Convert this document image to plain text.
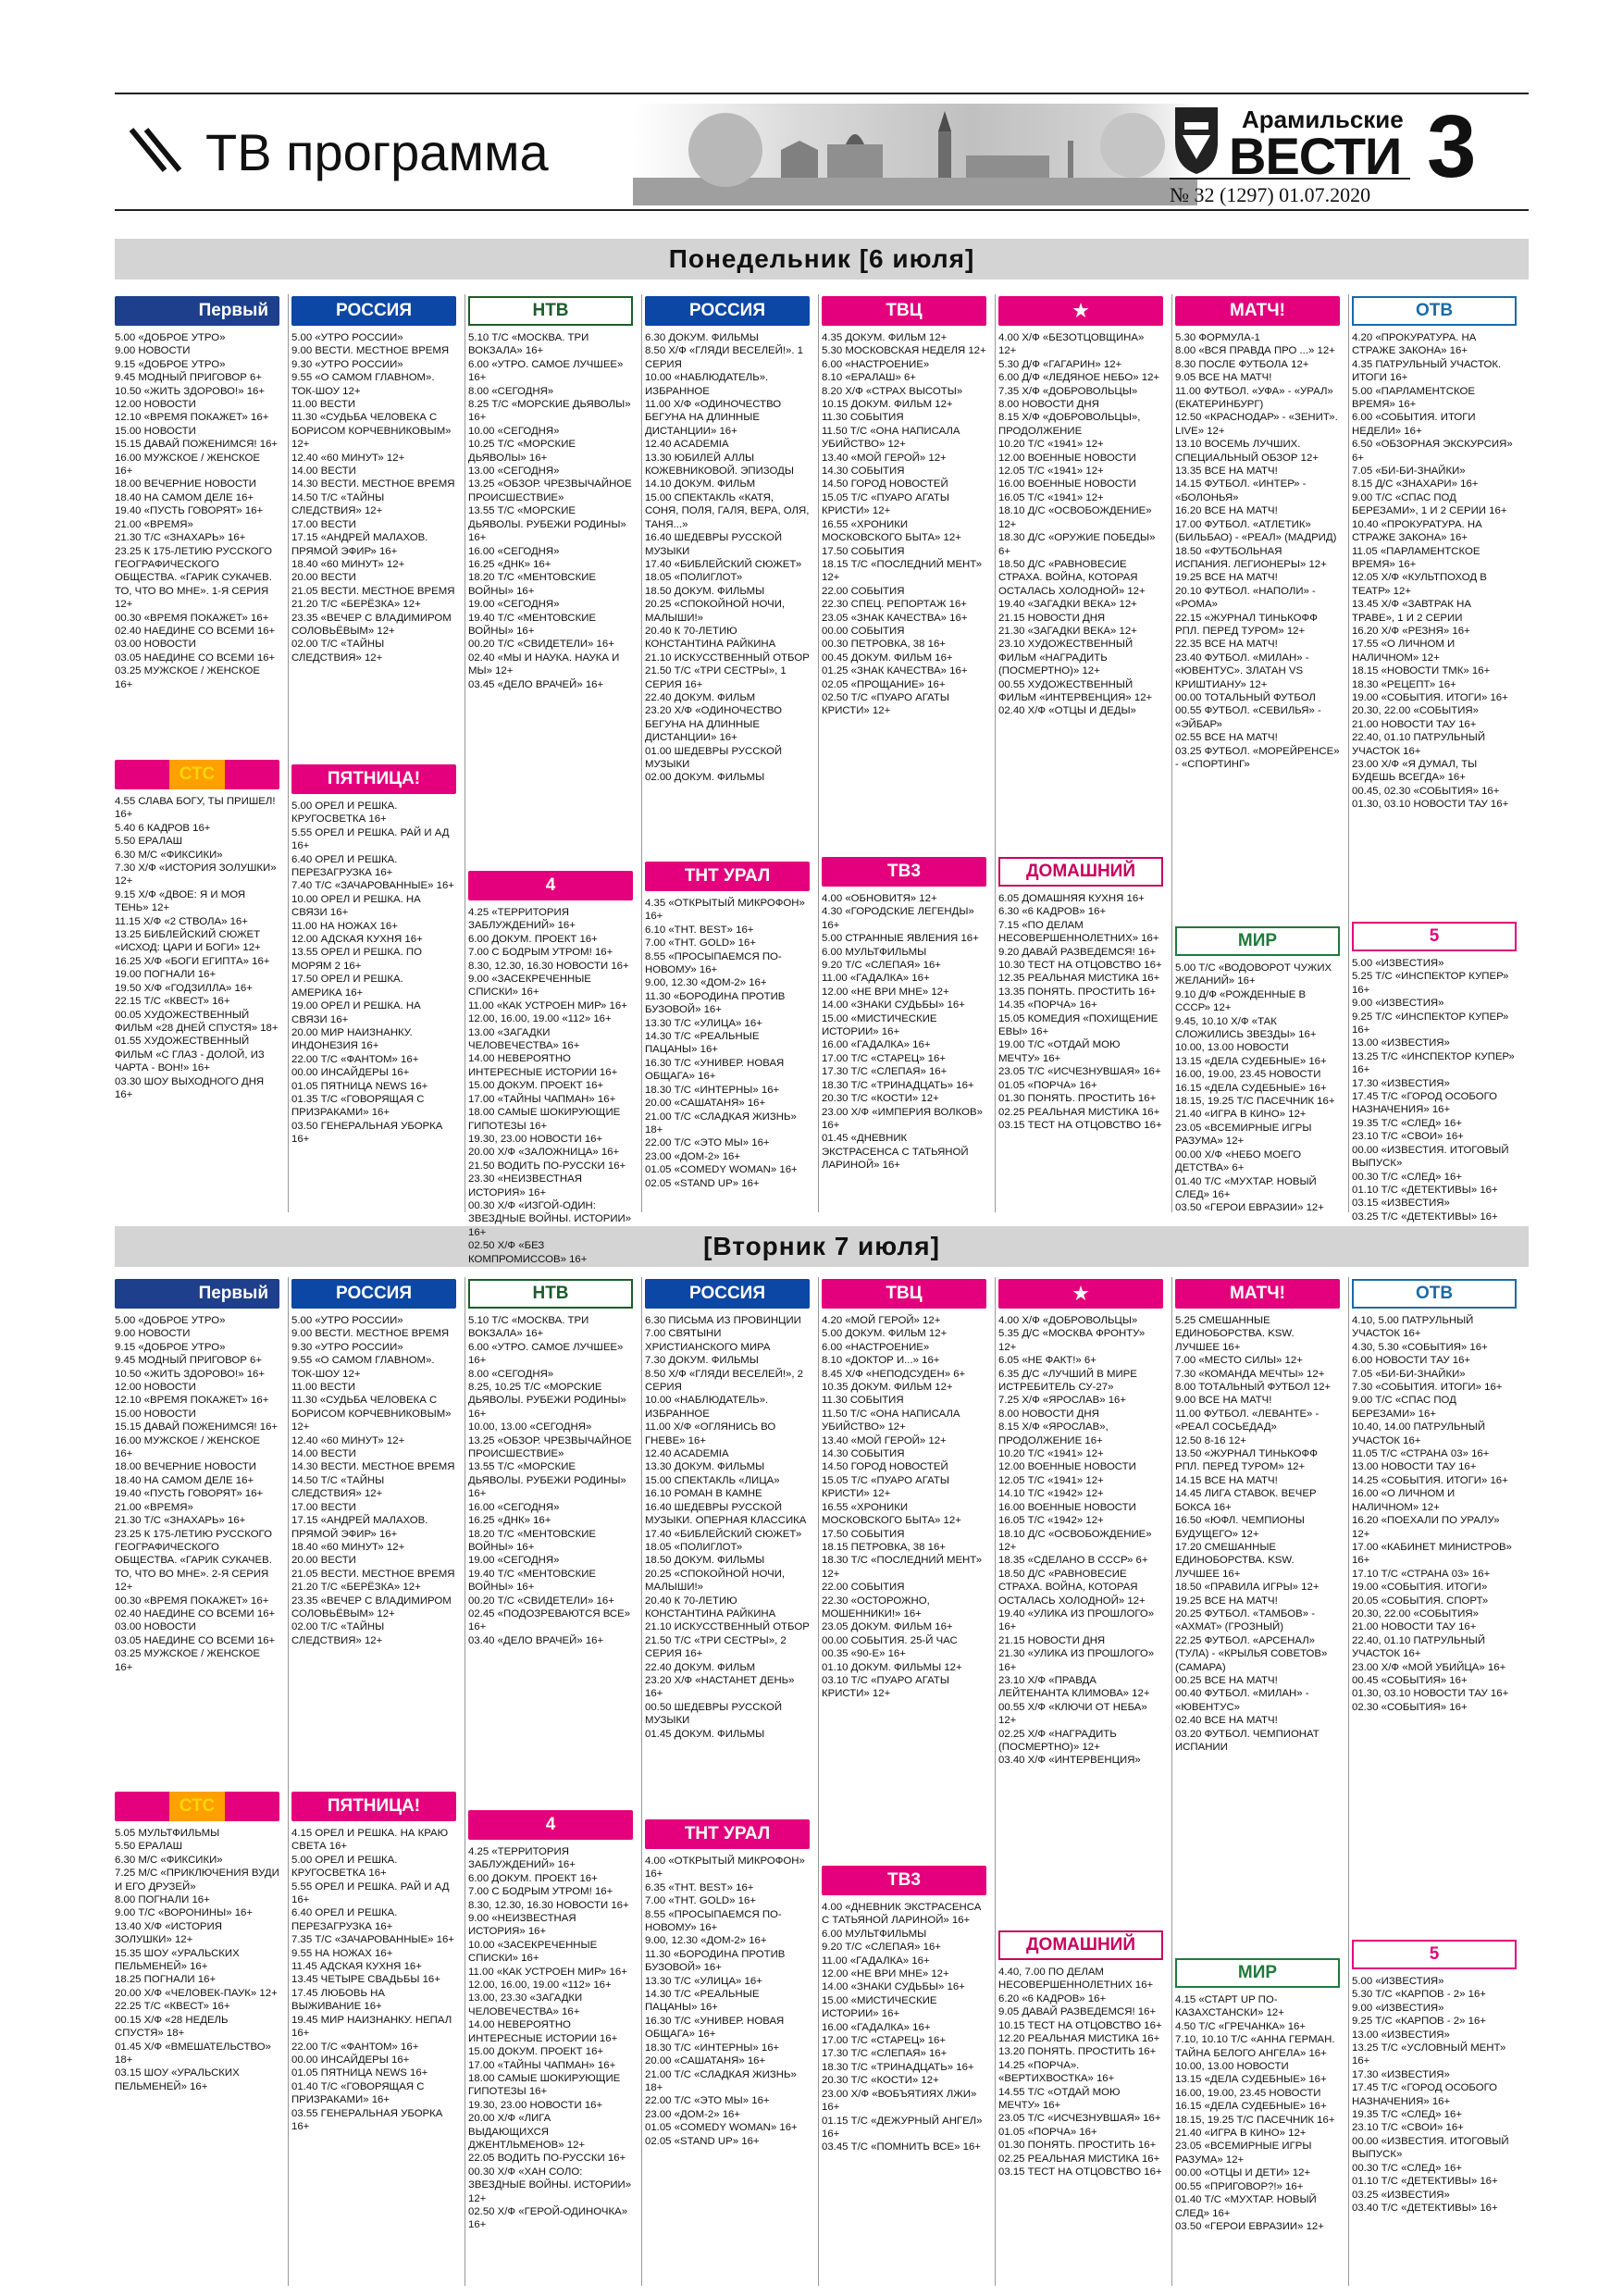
ТВ программа
Арамильские
ВЕСТИ
№ 32 (1297) 01.07.2020 3
Понедельник [6 июля]
[Вторник 7 июля]
Первый
5.00 «ДОБРОЕ УТРО»
9.00 НОВОСТИ
9.15 «ДОБРОЕ УТРО»
9.45 МОДНЫЙ ПРИГОВОР 6+
10.50 «ЖИТЬ ЗДОРОВО!» 16+
12.00 НОВОСТИ
12.10 «ВРЕМЯ ПОКАЖЕТ» 16+
15.00 НОВОСТИ
15.15 ДАВАЙ ПОЖЕНИМСЯ! 16+
16.00 МУЖСКОЕ / ЖЕНСКОЕ 16+
18.00 ВЕЧЕРНИЕ НОВОСТИ
18.40 НА САМОМ ДЕЛЕ 16+
19.40 «ПУСТЬ ГОВОРЯТ» 16+
21.00 «ВРЕМЯ»
21.30 Т/С «ЗНАХАРЬ» 16+
23.25 К 175-ЛЕТИЮ РУССКОГО ГЕОГРАФИЧЕСКОГО ОБЩЕСТВА. «ГАРИК СУКАЧЕВ. ТО, ЧТО ВО МНЕ». 1-Я СЕРИЯ 12+
00.30 «ВРЕМЯ ПОКАЖЕТ» 16+
02.40 НАЕДИНЕ СО ВСЕМИ 16+
03.00 НОВОСТИ
03.05 НАЕДИНЕ СО ВСЕМИ 16+
03.25 МУЖСКОЕ / ЖЕНСКОЕ 16+
СТС
4.55 СЛАВА БОГУ, ТЫ ПРИШЕЛ! 16+
5.40 6 КАДРОВ 16+
5.50 ЕРАЛАШ
6.30 М/С «ФИКСИКИ»
7.30 Х/Ф «ИСТОРИЯ ЗОЛУШКИ» 12+
9.15 Х/Ф «ДВОЕ: Я И МОЯ ТЕНЬ» 12+
11.15 Х/Ф «2 СТВОЛА» 16+
13.25 БИБЛЕЙСКИЙ СЮЖЕТ «ИСХОД: ЦАРИ И БОГИ» 12+
16.25 Х/Ф «БОГИ ЕГИПТА» 16+
19.00 ПОГНАЛИ 16+
19.50 Х/Ф «ГОДЗИЛЛА» 16+
22.15 Т/С «КВЕСТ» 16+
00.05 ХУДОЖЕСТВЕННЫЙ ФИЛЬМ «28 ДНЕЙ СПУСТЯ» 18+
01.55 ХУДОЖЕСТВЕННЫЙ ФИЛЬМ «С ГЛАЗ - ДОЛОЙ, ИЗ ЧАРТА - ВОН!» 16+
03.30 ШОУ ВЫХОДНОГО ДНЯ 16+
РОССИЯ
5.00 «УТРО РОССИИ»
9.00 ВЕСТИ. МЕСТНОЕ ВРЕМЯ
9.30 «УТРО РОССИИ»
9.55 «О САМОМ ГЛАВНОМ». ТОК-ШОУ 12+
11.00 ВЕСТИ
11.30 «СУДЬБА ЧЕЛОВЕКА С БОРИСОМ КОРЧЕВНИКОВЫМ» 12+
12.40 «60 МИНУТ» 12+
14.00 ВЕСТИ
14.30 ВЕСТИ. МЕСТНОЕ ВРЕМЯ
14.50 Т/С «ТАЙНЫ СЛЕДСТВИЯ» 12+
17.00 ВЕСТИ
17.15 «АНДРЕЙ МАЛАХОВ. ПРЯМОЙ ЭФИР» 16+
18.40 «60 МИНУТ» 12+
20.00 ВЕСТИ
21.05 ВЕСТИ. МЕСТНОЕ ВРЕМЯ
21.20 Т/С «БЕРЁЗКА» 12+
23.35 «ВЕЧЕР С ВЛАДИМИРОМ СОЛОВЬЁВЫМ» 12+
02.00 Т/С «ТАЙНЫ СЛЕДСТВИЯ» 12+
ПЯТНИЦА!
5.00 ОРЕЛ И РЕШКА. КРУГОСВЕТКА 16+
5.55 ОРЕЛ И РЕШКА. РАЙ И АД 16+
6.40 ОРЕЛ И РЕШКА. ПЕРЕЗАГРУЗКА 16+
7.40 Т/С «ЗАЧАРОВАННЫЕ» 16+
10.00 ОРЕЛ И РЕШКА. НА СВЯЗИ 16+
11.00 НА НОЖАХ 16+
12.00 АДСКАЯ КУХНЯ 16+
13.55 ОРЕЛ И РЕШКА. ПО МОРЯМ 2 16+
17.50 ОРЕЛ И РЕШКА. АМЕРИКА 16+
19.00 ОРЕЛ И РЕШКА. НА СВЯЗИ 16+
20.00 МИР НАИЗНАНКУ. ИНДОНЕЗИЯ 16+
22.00 Т/С «ФАНТОМ» 16+
00.00 ИНСАЙДЕРЫ 16+
01.05 ПЯТНИЦА NEWS 16+
01.35 Т/С «ГОВОРЯЩАЯ С ПРИЗРАКАМИ» 16+
03.50 ГЕНЕРАЛЬНАЯ УБОРКА 16+
НТВ
5.10 Т/С «МОСКВА. ТРИ ВОКЗАЛА» 16+
6.00 «УТРО. САМОЕ ЛУЧШЕЕ» 16+
8.00 «СЕГОДНЯ»
8.25 Т/С «МОРСКИЕ ДЬЯВОЛЫ» 16+
10.00 «СЕГОДНЯ»
10.25 Т/С «МОРСКИЕ ДЬЯВОЛЫ» 16+
13.00 «СЕГОДНЯ»
13.25 «ОБЗОР. ЧРЕЗВЫЧАЙНОЕ ПРОИСШЕСТВИЕ»
13.55 Т/С «МОРСКИЕ ДЬЯВОЛЫ. РУБЕЖИ РОДИНЫ» 16+
16.00 «СЕГОДНЯ»
16.25 «ДНК» 16+
18.20 Т/С «МЕНТОВСКИЕ ВОЙНЫ» 16+
19.00 «СЕГОДНЯ»
19.40 Т/С «МЕНТОВСКИЕ ВОЙНЫ» 16+
00.20 Т/С «СВИДЕТЕЛИ» 16+
02.40 «МЫ И НАУКА. НАУКА И МЫ» 12+
03.45 «ДЕЛО ВРАЧЕЙ» 16+
4
4.25 «ТЕРРИТОРИЯ ЗАБЛУЖДЕНИЙ» 16+
6.00 ДОКУМ. ПРОЕКТ 16+
7.00 С БОДРЫМ УТРОМ! 16+
8.30, 12.30, 16.30 НОВОСТИ 16+
9.00 «ЗАСЕКРЕЧЕННЫЕ СПИСКИ» 16+
11.00 «КАК УСТРОЕН МИР» 16+
12.00, 16.00, 19.00 «112» 16+
13.00 «ЗАГАДКИ ЧЕЛОВЕЧЕСТВА» 16+
14.00 НЕВЕРОЯТНО ИНТЕРЕСНЫЕ ИСТОРИИ 16+
15.00 ДОКУМ. ПРОЕКТ 16+
17.00 «ТАЙНЫ ЧАПМАН» 16+
18.00 САМЫЕ ШОКИРУЮЩИЕ ГИПОТЕЗЫ 16+
19.30, 23.00 НОВОСТИ 16+
20.00 Х/Ф «ЗАЛОЖНИЦА» 16+
21.50 ВОДИТЬ ПО-РУССКИ 16+
23.30 «НЕИЗВЕСТНАЯ ИСТОРИЯ» 16+
00.30 Х/Ф «ИЗГОЙ-ОДИН: ЗВЕЗДНЫЕ ВОЙНЫ. ИСТОРИИ» 16+
02.50 Х/Ф «БЕЗ КОМПРОМИССОВ» 16+
РОССИЯ
6.30 ДОКУМ. ФИЛЬМЫ
8.50 Х/Ф «ГЛЯДИ ВЕСЕЛЕЙ!». 1 СЕРИЯ
10.00 «НАБЛЮДАТЕЛЬ». ИЗБРАННОЕ
11.00 Х/Ф «ОДИНОЧЕСТВО БЕГУНА НА ДЛИННЫЕ ДИСТАНЦИИ» 16+
12.40 ACADEMIA
13.30 ЮБИЛЕЙ АЛЛЫ КОЖЕВНИКОВОЙ. ЭПИЗОДЫ
14.10 ДОКУМ. ФИЛЬМ
15.00 СПЕКТАКЛЬ «КАТЯ, СОНЯ, ПОЛЯ, ГАЛЯ, ВЕРА, ОЛЯ, ТАНЯ...»
16.40 ШЕДЕВРЫ РУССКОЙ МУЗЫКИ
17.40 «БИБЛЕЙСКИЙ СЮЖЕТ»
18.05 «ПОЛИГЛОТ»
18.50 ДОКУМ. ФИЛЬМЫ
20.25 «СПОКОЙНОЙ НОЧИ, МАЛЫШИ!»
20.40 К 70-ЛЕТИЮ КОНСТАНТИНА РАЙКИНА
21.10 ИСКУССТВЕННЫЙ ОТБОР
21.50 Т/С «ТРИ СЕСТРЫ», 1 СЕРИЯ 16+
22.40 ДОКУМ. ФИЛЬМ
23.20 Х/Ф «ОДИНОЧЕСТВО БЕГУНА НА ДЛИННЫЕ ДИСТАНЦИИ» 16+
01.00 ШЕДЕВРЫ РУССКОЙ МУЗЫКИ
02.00 ДОКУМ. ФИЛЬМЫ
ТНТ УРАЛ
4.35 «ОТКРЫТЫЙ МИКРОФОН» 16+
6.10 «ТНТ. BEST» 16+
7.00 «ТНТ. GOLD» 16+
8.55 «ПРОСЫПАЕМСЯ ПО-НОВОМУ» 16+
9.00, 12.30 «ДОМ-2» 16+
11.30 «БОРОДИНА ПРОТИВ БУЗОВОЙ» 16+
13.30 Т/С «УЛИЦА» 16+
14.30 Т/С «РЕАЛЬНЫЕ ПАЦАНЫ» 16+
16.30 Т/С «УНИВЕР. НОВАЯ ОБЩАГА» 16+
18.30 Т/С «ИНТЕРНЫ» 16+
20.00 «САШАТАНЯ» 16+
21.00 Т/С «СЛАДКАЯ ЖИЗНЬ» 18+
22.00 Т/С «ЭТО МЫ» 16+
23.00 «ДОМ-2» 16+
01.05 «COMEDY WOMAN» 16+
02.05 «STAND UP» 16+
ТВЦ
4.35 ДОКУМ. ФИЛЬМ 12+
5.30 МОСКОВСКАЯ НЕДЕЛЯ 12+
6.00 «НАСТРОЕНИЕ»
8.10 «ЕРАЛАШ» 6+
8.20 Х/Ф «СТРАХ ВЫСОТЫ»
10.15 ДОКУМ. ФИЛЬМ 12+
11.30 СОБЫТИЯ
11.50 Т/С «ОНА НАПИСАЛА УБИЙСТВО» 12+
13.40 «МОЙ ГЕРОЙ» 12+
14.30 СОБЫТИЯ
14.50 ГОРОД НОВОСТЕЙ
15.05 Т/С «ПУАРО АГАТЫ КРИСТИ» 12+
16.55 «ХРОНИКИ МОСКОВСКОГО БЫТА» 12+
17.50 СОБЫТИЯ
18.15 Т/С «ПОСЛЕДНИЙ МЕНТ» 12+
22.00 СОБЫТИЯ
22.30 СПЕЦ. РЕПОРТАЖ 16+
23.05 «ЗНАК КАЧЕСТВА» 16+
00.00 СОБЫТИЯ
00.30 ПЕТРОВКА, 38 16+
00.45 ДОКУМ. ФИЛЬМ 16+
01.25 «ЗНАК КАЧЕСТВА» 16+
02.05 «ПРОЩАНИЕ» 16+
02.50 Т/С «ПУАРО АГАТЫ КРИСТИ» 12+
ТВ3
4.00 «ОБНОВИТЯ» 12+
4.30 «ГОРОДСКИЕ ЛЕГЕНДЫ» 16+
5.00 СТРАННЫЕ ЯВЛЕНИЯ 16+
6.00 МУЛЬТФИЛЬМЫ
9.20 Т/С «СЛЕПАЯ» 16+
11.00 «ГАДАЛКА» 16+
12.00 «НЕ ВРИ МНЕ» 12+
14.00 «ЗНАКИ СУДЬБЫ» 16+
15.00 «МИСТИЧЕСКИЕ ИСТОРИИ» 16+
16.00 «ГАДАЛКА» 16+
17.00 Т/С «СТАРЕЦ» 16+
17.30 Т/С «СЛЕПАЯ» 16+
18.30 Т/С «ТРИНАДЦАТЬ» 16+
20.30 Т/С «КОСТИ» 12+
23.00 Х/Ф «ИМПЕРИЯ ВОЛКОВ» 16+
01.45 «ДНЕВНИК ЭКСТРАСЕНСА С ТАТЬЯНОЙ ЛАРИНОЙ» 16+
★
4.00 Х/Ф «БЕЗОТЦОВЩИНА» 12+
5.30 Д/Ф «ГАГАРИН» 12+
6.00 Д/Ф «ЛЕДЯНОЕ НЕБО» 12+
7.35 Х/Ф «ДОБРОВОЛЬЦЫ»
8.00 НОВОСТИ ДНЯ
8.15 Х/Ф «ДОБРОВОЛЬЦЫ», ПРОДОЛЖЕНИЕ
10.20 Т/С «1941» 12+
12.00 ВОЕННЫЕ НОВОСТИ
12.05 Т/С «1941» 12+
16.00 ВОЕННЫЕ НОВОСТИ
16.05 Т/С «1941» 12+
18.10 Д/С «ОСВОБОЖДЕНИЕ» 12+
18.30 Д/С «ОРУЖИЕ ПОБЕДЫ» 6+
18.50 Д/С «РАВНОВЕСИЕ СТРАХА. ВОЙНА, КОТОРАЯ ОСТАЛАСЬ ХОЛОДНОЙ» 12+
19.40 «ЗАГАДКИ ВЕКА» 12+
21.15 НОВОСТИ ДНЯ
21.30 «ЗАГАДКИ ВЕКА» 12+
23.10 ХУДОЖЕСТВЕННЫЙ ФИЛЬМ «НАГРАДИТЬ (ПОСМЕРТНО)» 12+
00.55 ХУДОЖЕСТВЕННЫЙ ФИЛЬМ «ИНТЕРВЕНЦИЯ» 12+
02.40 Х/Ф «ОТЦЫ И ДЕДЫ»
ДОМАШНИЙ
6.05 ДОМАШНЯЯ КУХНЯ 16+
6.30 «6 КАДРОВ» 16+
7.15 «ПО ДЕЛАМ НЕСОВЕРШЕННОЛЕТНИХ» 16+
9.20 ДАВАЙ РАЗВЕДЕМСЯ! 16+
10.30 ТЕСТ НА ОТЦОВСТВО 16+
12.35 РЕАЛЬНАЯ МИСТИКА 16+
13.35 ПОНЯТЬ. ПРОСТИТЬ 16+
14.35 «ПОРЧА» 16+
15.05 КОМЕДИЯ «ПОХИЩЕНИЕ ЕВЫ» 16+
19.00 Т/С «ОТДАЙ МОЮ МЕЧТУ» 16+
23.05 Т/С «ИСЧЕЗНУВШАЯ» 16+
01.05 «ПОРЧА» 16+
01.30 ПОНЯТЬ. ПРОСТИТЬ 16+
02.25 РЕАЛЬНАЯ МИСТИКА 16+
03.15 ТЕСТ НА ОТЦОВСТВО 16+
МАТЧ!
5.30 ФОРМУЛА-1
8.00 «ВСЯ ПРАВДА ПРО ...» 12+
8.30 ПОСЛЕ ФУТБОЛА 12+
9.05 ВСЕ НА МАТЧ!
11.00 ФУТБОЛ. «УФА» - «УРАЛ» (ЕКАТЕРИНБУРГ)
12.50 «КРАСНОДАР» - «ЗЕНИТ». LIVE» 12+
13.10 ВОСЕМЬ ЛУЧШИХ. СПЕЦИАЛЬНЫЙ ОБЗОР 12+
13.35 ВСЕ НА МАТЧ!
14.15 ФУТБОЛ. «ИНТЕР» - «БОЛОНЬЯ»
16.20 ВСЕ НА МАТЧ!
17.00 ФУТБОЛ. «АТЛЕТИК» (БИЛЬБАО) - «РЕАЛ» (МАДРИД)
18.50 «ФУТБОЛЬНАЯ ИСПАНИЯ. ЛЕГИОНЕРЫ» 12+
19.25 ВСЕ НА МАТЧ!
20.10 ФУТБОЛ. «НАПОЛИ» - «РОМА»
22.15 «ЖУРНАЛ ТИНЬКОФФ РПЛ. ПЕРЕД ТУРОМ» 12+
22.35 ВСЕ НА МАТЧ!
23.40 ФУТБОЛ. «МИЛАН» - «ЮВЕНТУС». ЗЛАТАН VS КРИШТИАНУ» 12+
00.00 ТОТАЛЬНЫЙ ФУТБОЛ
00.55 ФУТБОЛ. «СЕВИЛЬЯ» - «ЭЙБАР»
02.55 ВСЕ НА МАТЧ!
03.25 ФУТБОЛ. «МОРЕЙРЕНСЕ» - «СПОРТИНГ»
МИР
5.00 Т/С «ВОДОВОРОТ ЧУЖИХ ЖЕЛАНИЙ» 16+
9.10 Д/Ф «РОЖДЕННЫЕ В СССР» 12+
9.45, 10.10 Х/Ф «ТАК СЛОЖИЛИСЬ ЗВЕЗДЫ» 16+
10.00, 13.00 НОВОСТИ
13.15 «ДЕЛА СУДЕБНЫЕ» 16+
16.00, 19.00, 23.45 НОВОСТИ
16.15 «ДЕЛА СУДЕБНЫЕ» 16+
18.15, 19.25 Т/С ПАСЕЧНИК 16+
21.40 «ИГРА В КИНО» 12+
23.05 «ВСЕМИРНЫЕ ИГРЫ РАЗУМА» 12+
00.00 Х/Ф «НЕБО МОЕГО ДЕТСТВА» 6+
01.40 Т/С «МУХТАР. НОВЫЙ СЛЕД» 16+
03.50 «ГЕРОИ ЕВРАЗИИ» 12+
ОТВ
4.20 «ПРОКУРАТУРА. НА СТРАЖЕ ЗАКОНА» 16+
4.35 ПАТРУЛЬНЫЙ УЧАСТОК. ИТОГИ 16+
5.00 «ПАРЛАМЕНТСКОЕ ВРЕМЯ» 16+
6.00 «СОБЫТИЯ. ИТОГИ НЕДЕЛИ» 16+
6.50 «ОБЗОРНАЯ ЭКСКУРСИЯ» 6+
7.05 «БИ-БИ-ЗНАЙКИ»
8.15 Д/С «ЗНАХАРИ» 16+
9.00 Т/С «СПАС ПОД БЕРЕЗАМИ», 1 И 2 СЕРИИ 16+
10.40 «ПРОКУРАТУРА. НА СТРАЖЕ ЗАКОНА» 16+
11.05 «ПАРЛАМЕНТСКОЕ ВРЕМЯ» 16+
12.05 Х/Ф «КУЛЬТПОХОД В ТЕАТР» 12+
13.45 Х/Ф «ЗАВТРАК НА ТРАВЕ», 1 И 2 СЕРИИ
16.20 Х/Ф «РЕЗНЯ» 16+
17.55 «О ЛИЧНОМ И НАЛИЧНОМ» 12+
18.15 «НОВОСТИ ТМК» 16+
18.30 «РЕЦЕПТ» 16+
19.00 «СОБЫТИЯ. ИТОГИ» 16+
20.30, 22.00 «СОБЫТИЯ»
21.00 НОВОСТИ ТАУ 16+
22.40, 01.10 ПАТРУЛЬНЫЙ УЧАСТОК 16+
23.00 Х/Ф «Я ДУМАЛ, ТЫ БУДЕШЬ ВСЕГДА» 16+
00.45, 02.30 «СОБЫТИЯ» 16+
01.30, 03.10 НОВОСТИ ТАУ 16+
5
5.00 «ИЗВЕСТИЯ»
5.25 Т/С «ИНСПЕКТОР КУПЕР» 16+
9.00 «ИЗВЕСТИЯ»
9.25 Т/С «ИНСПЕКТОР КУПЕР» 16+
13.00 «ИЗВЕСТИЯ»
13.25 Т/С «ИНСПЕКТОР КУПЕР» 16+
17.30 «ИЗВЕСТИЯ»
17.45 Т/С «ГОРОД ОСОБОГО НАЗНАЧЕНИЯ» 16+
19.35 Т/С «СЛЕД» 16+
23.10 Т/С «СВОИ» 16+
00.00 «ИЗВЕСТИЯ. ИТОГОВЫЙ ВЫПУСК»
00.30 Т/С «СЛЕД» 16+
01.10 Т/С «ДЕТЕКТИВЫ» 16+
03.15 «ИЗВЕСТИЯ»
03.25 Т/С «ДЕТЕКТИВЫ» 16+
Первый
5.00 «ДОБРОЕ УТРО»
9.00 НОВОСТИ
9.15 «ДОБРОЕ УТРО»
9.45 МОДНЫЙ ПРИГОВОР 6+
10.50 «ЖИТЬ ЗДОРОВО!» 16+
12.00 НОВОСТИ
12.10 «ВРЕМЯ ПОКАЖЕТ» 16+
15.00 НОВОСТИ
15.15 ДАВАЙ ПОЖЕНИМСЯ! 16+
16.00 МУЖСКОЕ / ЖЕНСКОЕ 16+
18.00 ВЕЧЕРНИЕ НОВОСТИ
18.40 НА САМОМ ДЕЛЕ 16+
19.40 «ПУСТЬ ГОВОРЯТ» 16+
21.00 «ВРЕМЯ»
21.30 Т/С «ЗНАХАРЬ» 16+
23.25 К 175-ЛЕТИЮ РУССКОГО ГЕОГРАФИЧЕСКОГО ОБЩЕСТВА. «ГАРИК СУКАЧЕВ. ТО, ЧТО ВО МНЕ». 2-Я СЕРИЯ 12+
00.30 «ВРЕМЯ ПОКАЖЕТ» 16+
02.40 НАЕДИНЕ СО ВСЕМИ 16+
03.00 НОВОСТИ
03.05 НАЕДИНЕ СО ВСЕМИ 16+
03.25 МУЖСКОЕ / ЖЕНСКОЕ 16+
СТС
5.05 МУЛЬТФИЛЬМЫ
5.50 ЕРАЛАШ
6.30 М/С «ФИКСИКИ»
7.25 М/С «ПРИКЛЮЧЕНИЯ ВУДИ И ЕГО ДРУЗЕЙ»
8.00 ПОГНАЛИ 16+
9.00 Т/С «ВОРОНИНЫ» 16+
13.40 Х/Ф «ИСТОРИЯ ЗОЛУШКИ» 12+
15.35 ШОУ «УРАЛЬСКИХ ПЕЛЬМЕНЕЙ» 16+
18.25 ПОГНАЛИ 16+
20.00 Х/Ф «ЧЕЛОВЕК-ПАУК» 12+
22.25 Т/С «КВЕСТ» 16+
00.15 Х/Ф «28 НЕДЕЛЬ СПУСТЯ» 18+
01.45 Х/Ф «ВМЕШАТЕЛЬСТВО» 18+
03.15 ШОУ «УРАЛЬСКИХ ПЕЛЬМЕНЕЙ» 16+
РОССИЯ
5.00 «УТРО РОССИИ»
9.00 ВЕСТИ. МЕСТНОЕ ВРЕМЯ
9.30 «УТРО РОССИИ»
9.55 «О САМОМ ГЛАВНОМ». ТОК-ШОУ 12+
11.00 ВЕСТИ
11.30 «СУДЬБА ЧЕЛОВЕКА С БОРИСОМ КОРЧЕВНИКОВЫМ» 12+
12.40 «60 МИНУТ» 12+
14.00 ВЕСТИ
14.30 ВЕСТИ. МЕСТНОЕ ВРЕМЯ
14.50 Т/С «ТАЙНЫ СЛЕДСТВИЯ» 12+
17.00 ВЕСТИ
17.15 «АНДРЕЙ МАЛАХОВ. ПРЯМОЙ ЭФИР» 16+
18.40 «60 МИНУТ» 12+
20.00 ВЕСТИ
21.05 ВЕСТИ. МЕСТНОЕ ВРЕМЯ
21.20 Т/С «БЕРЁЗКА» 12+
23.35 «ВЕЧЕР С ВЛАДИМИРОМ СОЛОВЬЁВЫМ» 12+
02.00 Т/С «ТАЙНЫ СЛЕДСТВИЯ» 12+
ПЯТНИЦА!
4.15 ОРЕЛ И РЕШКА. НА КРАЮ СВЕТА 16+
5.00 ОРЕЛ И РЕШКА. КРУГОСВЕТКА 16+
5.55 ОРЕЛ И РЕШКА. РАЙ И АД 16+
6.40 ОРЕЛ И РЕШКА. ПЕРЕЗАГРУЗКА 16+
7.35 Т/С «ЗАЧАРОВАННЫЕ» 16+
9.55 НА НОЖАХ 16+
11.45 АДСКАЯ КУХНЯ 16+
13.45 ЧЕТЫРЕ СВАДЬБЫ 16+
17.45 ЛЮБОВЬ НА ВЫЖИВАНИЕ 16+
19.45 МИР НАИЗНАНКУ. НЕПАЛ 16+
22.00 Т/С «ФАНТОМ» 16+
00.00 ИНСАЙДЕРЫ 16+
01.05 ПЯТНИЦА NEWS 16+
01.40 Т/С «ГОВОРЯЩАЯ С ПРИЗРАКАМИ» 16+
03.55 ГЕНЕРАЛЬНАЯ УБОРКА 16+
НТВ
5.10 Т/С «МОСКВА. ТРИ ВОКЗАЛА» 16+
6.00 «УТРО. САМОЕ ЛУЧШЕЕ» 16+
8.00 «СЕГОДНЯ»
8.25, 10.25 Т/С «МОРСКИЕ ДЬЯВОЛЫ. РУБЕЖИ РОДИНЫ» 16+
10.00, 13.00 «СЕГОДНЯ»
13.25 «ОБЗОР. ЧРЕЗВЫЧАЙНОЕ ПРОИСШЕСТВИЕ»
13.55 Т/С «МОРСКИЕ ДЬЯВОЛЫ. РУБЕЖИ РОДИНЫ» 16+
16.00 «СЕГОДНЯ»
16.25 «ДНК» 16+
18.20 Т/С «МЕНТОВСКИЕ ВОЙНЫ» 16+
19.00 «СЕГОДНЯ»
19.40 Т/С «МЕНТОВСКИЕ ВОЙНЫ» 16+
00.20 Т/С «СВИДЕТЕЛИ» 16+
02.45 «ПОДОЗРЕВАЮТСЯ ВСЕ» 16+
03.40 «ДЕЛО ВРАЧЕЙ» 16+
4
4.25 «ТЕРРИТОРИЯ ЗАБЛУЖДЕНИЙ» 16+
6.00 ДОКУМ. ПРОЕКТ 16+
7.00 С БОДРЫМ УТРОМ! 16+
8.30, 12.30, 16.30 НОВОСТИ 16+
9.00 «НЕИЗВЕСТНАЯ ИСТОРИЯ» 16+
10.00 «ЗАСЕКРЕЧЕННЫЕ СПИСКИ» 16+
11.00 «КАК УСТРОЕН МИР» 16+
12.00, 16.00, 19.00 «112» 16+
13.00, 23.30 «ЗАГАДКИ ЧЕЛОВЕЧЕСТВА» 16+
14.00 НЕВЕРОЯТНО ИНТЕРЕСНЫЕ ИСТОРИИ 16+
15.00 ДОКУМ. ПРОЕКТ 16+
17.00 «ТАЙНЫ ЧАПМАН» 16+
18.00 САМЫЕ ШОКИРУЮЩИЕ ГИПОТЕЗЫ 16+
19.30, 23.00 НОВОСТИ 16+
20.00 Х/Ф «ЛИГА ВЫДАЮЩИХСЯ ДЖЕНТЛЬМЕНОВ» 12+
22.05 ВОДИТЬ ПО-РУССКИ 16+
00.30 Х/Ф «ХАН СОЛО: ЗВЕЗДНЫЕ ВОЙНЫ. ИСТОРИИ» 12+
02.50 Х/Ф «ГЕРОЙ-ОДИНОЧКА» 16+
РОССИЯ
6.30 ПИСЬМА ИЗ ПРОВИНЦИИ
7.00 СВЯТЫНИ ХРИСТИАНСКОГО МИРА
7.30 ДОКУМ. ФИЛЬМЫ
8.50 Х/Ф «ГЛЯДИ ВЕСЕЛЕЙ!», 2 СЕРИЯ
10.00 «НАБЛЮДАТЕЛЬ». ИЗБРАННОЕ
11.00 Х/Ф «ОГЛЯНИСЬ ВО ГНЕВЕ» 16+
12.40 ACADEMIA
13.30 ДОКУМ. ФИЛЬМЫ
15.00 СПЕКТАКЛЬ «ЛИЦА»
16.10 РОМАН В КАМНЕ
16.40 ШЕДЕВРЫ РУССКОЙ МУЗЫКИ. ОПЕРНАЯ КЛАССИКА
17.40 «БИБЛЕЙСКИЙ СЮЖЕТ»
18.05 «ПОЛИГЛОТ»
18.50 ДОКУМ. ФИЛЬМЫ
20.25 «СПОКОЙНОЙ НОЧИ, МАЛЫШИ!»
20.40 К 70-ЛЕТИЮ КОНСТАНТИНА РАЙКИНА
21.10 ИСКУССТВЕННЫЙ ОТБОР
21.50 Т/С «ТРИ СЕСТРЫ», 2 СЕРИЯ 16+
22.40 ДОКУМ. ФИЛЬМ
23.20 Х/Ф «НАСТАНЕТ ДЕНЬ» 16+
00.50 ШЕДЕВРЫ РУССКОЙ МУЗЫКИ
01.45 ДОКУМ. ФИЛЬМЫ
ТНТ УРАЛ
4.00 «ОТКРЫТЫЙ МИКРОФОН» 16+
6.35 «ТНТ. BEST» 16+
7.00 «ТНТ. GOLD» 16+
8.55 «ПРОСЫПАЕМСЯ ПО-НОВОМУ» 16+
9.00, 12.30 «ДОМ-2» 16+
11.30 «БОРОДИНА ПРОТИВ БУЗОВОЙ» 16+
13.30 Т/С «УЛИЦА» 16+
14.30 Т/С «РЕАЛЬНЫЕ ПАЦАНЫ» 16+
16.30 Т/С «УНИВЕР. НОВАЯ ОБЩАГА» 16+
18.30 Т/С «ИНТЕРНЫ» 16+
20.00 «САШАТАНЯ» 16+
21.00 Т/С «СЛАДКАЯ ЖИЗНЬ» 18+
22.00 Т/С «ЭТО МЫ» 16+
23.00 «ДОМ-2» 16+
01.05 «COMEDY WOMAN» 16+
02.05 «STAND UP» 16+
ТВЦ
4.20 «МОЙ ГЕРОЙ» 12+
5.00 ДОКУМ. ФИЛЬМ 12+
6.00 «НАСТРОЕНИЕ»
8.10 «ДОКТОР И...» 16+
8.45 Х/Ф «НЕПОДСУДЕН» 6+
10.35 ДОКУМ. ФИЛЬМ 12+
11.30 СОБЫТИЯ
11.50 Т/С «ОНА НАПИСАЛА УБИЙСТВО» 12+
13.40 «МОЙ ГЕРОЙ» 12+
14.30 СОБЫТИЯ
14.50 ГОРОД НОВОСТЕЙ
15.05 Т/С «ПУАРО АГАТЫ КРИСТИ» 12+
16.55 «ХРОНИКИ МОСКОВСКОГО БЫТА» 12+
17.50 СОБЫТИЯ
18.15 ПЕТРОВКА, 38 16+
18.30 Т/С «ПОСЛЕДНИЙ МЕНТ» 12+
22.00 СОБЫТИЯ
22.30 «ОСТОРОЖНО, МОШЕННИКИ!» 16+
23.05 ДОКУМ. ФИЛЬМ 16+
00.00 СОБЫТИЯ. 25-Й ЧАС
00.35 «90-Е» 16+
01.10 ДОКУМ. ФИЛЬМЫ 12+
03.10 Т/С «ПУАРО АГАТЫ КРИСТИ» 12+
ТВ3
4.00 «ДНЕВНИК ЭКСТРАСЕНСА С ТАТЬЯНОЙ ЛАРИНОЙ» 16+
6.00 МУЛЬТФИЛЬМЫ
9.20 Т/С «СЛЕПАЯ» 16+
11.00 «ГАДАЛКА» 16+
12.00 «НЕ ВРИ МНЕ» 12+
14.00 «ЗНАКИ СУДЬБЫ» 16+
15.00 «МИСТИЧЕСКИЕ ИСТОРИИ» 16+
16.00 «ГАДАЛКА» 16+
17.00 Т/С «СТАРЕЦ» 16+
17.30 Т/С «СЛЕПАЯ» 16+
18.30 Т/С «ТРИНАДЦАТЬ» 16+
20.30 Т/С «КОСТИ» 12+
23.00 Х/Ф «ВОБЪЯТИЯХ ЛЖИ» 16+
01.15 Т/С «ДЕЖУРНЫЙ АНГЕЛ» 16+
03.45 Т/С «ПОМНИТЬ ВСЕ» 16+
★
4.00 Х/Ф «ДОБРОВОЛЬЦЫ»
5.35 Д/С «МОСКВА ФРОНТУ» 12+
6.05 «НЕ ФАКТ!» 6+
6.35 Д/С «ЛУЧШИЙ В МИРЕ ИСТРЕБИТЕЛЬ СУ-27»
7.25 Х/Ф «ЯРОСЛАВ» 16+
8.00 НОВОСТИ ДНЯ
8.15 Х/Ф «ЯРОСЛАВ», ПРОДОЛЖЕНИЕ 16+
10.20 Т/С «1941» 12+
12.00 ВОЕННЫЕ НОВОСТИ
12.05 Т/С «1941» 12+
14.10 Т/С «1942» 12+
16.00 ВОЕННЫЕ НОВОСТИ
16.05 Т/С «1942» 12+
18.10 Д/С «ОСВОБОЖДЕНИЕ» 12+
18.35 «СДЕЛАНО В СССР» 6+
18.50 Д/С «РАВНОВЕСИЕ СТРАХА. ВОЙНА, КОТОРАЯ ОСТАЛАСЬ ХОЛОДНОЙ» 12+
19.40 «УЛИКА ИЗ ПРОШЛОГО» 16+
21.15 НОВОСТИ ДНЯ
21.30 «УЛИКА ИЗ ПРОШЛОГО» 16+
23.10 Х/Ф «ПРАВДА ЛЕЙТЕНАНТА КЛИМОВА» 12+
00.55 Х/Ф «КЛЮЧИ ОТ НЕБА» 12+
02.25 Х/Ф «НАГРАДИТЬ (ПОСМЕРТНО)» 12+
03.40 Х/Ф «ИНТЕРВЕНЦИЯ»
ДОМАШНИЙ
4.40, 7.00 ПО ДЕЛАМ НЕСОВЕРШЕННОЛЕТНИХ 16+
6.20 «6 КАДРОВ» 16+
9.05 ДАВАЙ РАЗВЕДЕМСЯ! 16+
10.15 ТЕСТ НА ОТЦОВСТВО 16+
12.20 РЕАЛЬНАЯ МИСТИКА 16+
13.20 ПОНЯТЬ. ПРОСТИТЬ 16+
14.25 «ПОРЧА». «ВЕРТИХВОСТКА» 16+
14.55 Т/С «ОТДАЙ МОЮ МЕЧТУ» 16+
23.05 Т/С «ИСЧЕЗНУВШАЯ» 16+
01.05 «ПОРЧА» 16+
01.30 ПОНЯТЬ. ПРОСТИТЬ 16+
02.25 РЕАЛЬНАЯ МИСТИКА 16+
03.15 ТЕСТ НА ОТЦОВСТВО 16+
МАТЧ!
5.25 СМЕШАННЫЕ ЕДИНОБОРСТВА. KSW. ЛУЧШЕЕ 16+
7.00 «МЕСТО СИЛЫ» 12+
7.30 «КОМАНДА МЕЧТЫ» 12+
8.00 ТОТАЛЬНЫЙ ФУТБОЛ 12+
9.00 ВСЕ НА МАТЧ!
11.00 ФУТБОЛ. «ЛЕВАНТЕ» - «РЕАЛ СОСЬЕДАД»
12.50 8-16 12+
13.50 «ЖУРНАЛ ТИНЬКОФФ РПЛ. ПЕРЕД ТУРОМ» 12+
14.15 ВСЕ НА МАТЧ!
14.45 ЛИГА СТАВОК. ВЕЧЕР БОКСА 16+
16.50 «ЮФЛ. ЧЕМПИОНЫ БУДУЩЕГО» 12+
17.20 СМЕШАННЫЕ ЕДИНОБОРСТВА. KSW. ЛУЧШЕЕ 16+
18.50 «ПРАВИЛА ИГРЫ» 12+
19.25 ВСЕ НА МАТЧ!
20.25 ФУТБОЛ. «ТАМБОВ» - «АХМАТ» (ГРОЗНЫЙ)
22.25 ФУТБОЛ. «АРСЕНАЛ» (ТУЛА) - «КРЫЛЬЯ СОВЕТОВ» (САМАРА)
00.25 ВСЕ НА МАТЧ!
00.40 ФУТБОЛ. «МИЛАН» - «ЮВЕНТУС»
02.40 ВСЕ НА МАТЧ!
03.20 ФУТБОЛ. ЧЕМПИОНАТ ИСПАНИИ
МИР
4.15 «СТАРТ UP ПО-КАЗАХСТАНСКИ» 12+
4.50 Т/С «ГРЕЧАНКА» 16+
7.10, 10.10 Т/С «АННА ГЕРМАН. ТАЙНА БЕЛОГО АНГЕЛА» 16+
10.00, 13.00 НОВОСТИ
13.15 «ДЕЛА СУДЕБНЫЕ» 16+
16.00, 19.00, 23.45 НОВОСТИ
16.15 «ДЕЛА СУДЕБНЫЕ» 16+
18.15, 19.25 Т/С ПАСЕЧНИК 16+
21.40 «ИГРА В КИНО» 12+
23.05 «ВСЕМИРНЫЕ ИГРЫ РАЗУМА» 12+
00.00 «ОТЦЫ И ДЕТИ» 12+
00.55 «ПРИГОВОР?!» 16+
01.40 Т/С «МУХТАР. НОВЫЙ СЛЕД» 16+
03.50 «ГЕРОИ ЕВРАЗИИ» 12+
ОТВ
4.10, 5.00 ПАТРУЛЬНЫЙ УЧАСТОК 16+
4.30, 5.30 «СОБЫТИЯ» 16+
6.00 НОВОСТИ ТАУ 16+
7.05 «БИ-БИ-ЗНАЙКИ»
7.30 «СОБЫТИЯ. ИТОГИ» 16+
9.00 Т/С «СПАС ПОД БЕРЕЗАМИ» 16+
10.40, 14.00 ПАТРУЛЬНЫЙ УЧАСТОК 16+
11.05 Т/С «СТРАНА 03» 16+
13.00 НОВОСТИ ТАУ 16+
14.25 «СОБЫТИЯ. ИТОГИ» 16+
16.00 «О ЛИЧНОМ И НАЛИЧНОМ» 12+
16.20 «ПОЕХАЛИ ПО УРАЛУ» 12+
17.00 «КАБИНЕТ МИНИСТРОВ» 16+
17.10 Т/С «СТРАНА 03» 16+
19.00 «СОБЫТИЯ. ИТОГИ»
20.05 «СОБЫТИЯ. СПОРТ»
20.30, 22.00 «СОБЫТИЯ»
21.00 НОВОСТИ ТАУ 16+
22.40, 01.10 ПАТРУЛЬНЫЙ УЧАСТОК 16+
23.00 Х/Ф «МОЙ УБИЙЦА» 16+
00.45 «СОБЫТИЯ» 16+
01.30, 03.10 НОВОСТИ ТАУ 16+
02.30 «СОБЫТИЯ» 16+
5
5.00 «ИЗВЕСТИЯ»
5.30 Т/С «КАРПОВ - 2» 16+
9.00 «ИЗВЕСТИЯ»
9.25 Т/С «КАРПОВ - 2» 16+
13.00 «ИЗВЕСТИЯ»
13.25 Т/С «УСЛОВНЫЙ МЕНТ» 16+
17.30 «ИЗВЕСТИЯ»
17.45 Т/С «ГОРОД ОСОБОГО НАЗНАЧЕНИЯ» 16+
19.35 Т/С «СЛЕД» 16+
23.10 Т/С «СВОИ» 16+
00.00 «ИЗВЕСТИЯ. ИТОГОВЫЙ ВЫПУСК»
00.30 Т/С «СЛЕД» 16+
01.10 Т/С «ДЕТЕКТИВЫ» 16+
03.25 «ИЗВЕСТИЯ»
03.40 Т/С «ДЕТЕКТИВЫ» 16+
